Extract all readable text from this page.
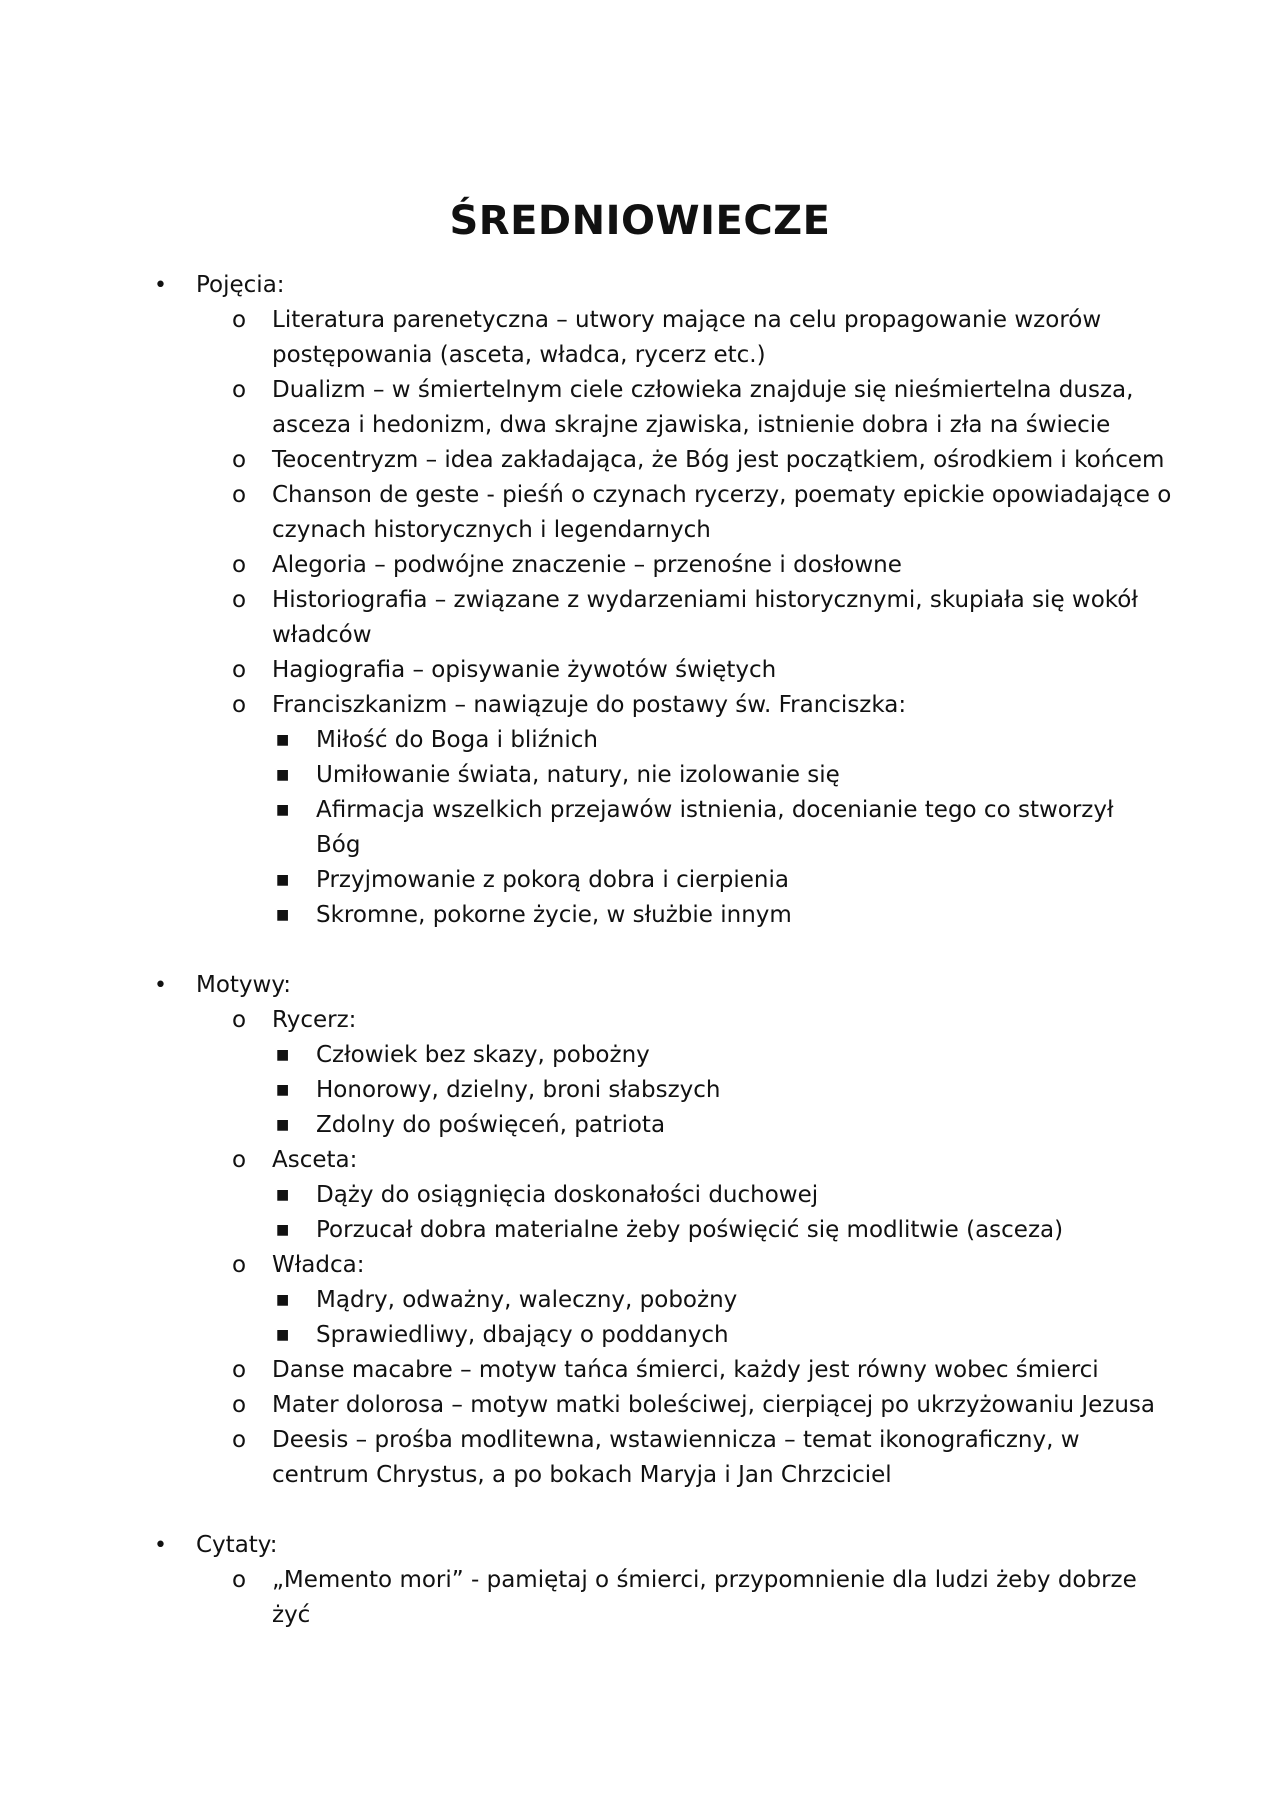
ŚREDNIOWIECZE
• Pojęcia:
o Literatura parenetyczna – utwory mające na celu propagowanie wzorów
postępowania (asceta, władca, rycerz etc.)
o Dualizm – w śmiertelnym ciele człowieka znajduje się nieśmiertelna dusza,
asceza i hedonizm, dwa skrajne zjawiska, istnienie dobra i zła na świecie
o Teocentryzm – idea zakładająca, że Bóg jest początkiem, ośrodkiem i końcem
o Chanson de geste - pieśń o czynach rycerzy, poematy epickie opowiadające o
czynach historycznych i legendarnych
o Alegoria – podwójne znaczenie – przenośne i dosłowne
o Historiografia – związane z wydarzeniami historycznymi, skupiała się wokół
władców
o Hagiografia – opisywanie żywotów świętych
o Franciszkanizm – nawiązuje do postawy św. Franciszka:
■ Miłość do Boga i bliźnich
■ Umiłowanie świata, natury, nie izolowanie się
■ Afirmacja wszelkich przejawów istnienia, docenianie tego co stworzył
Bóg
■ Przyjmowanie z pokorą dobra i cierpienia
■ Skromne, pokorne życie, w służbie innym
• Motywy:
o Rycerz:
■ Człowiek bez skazy, pobożny
■ Honorowy, dzielny, broni słabszych
■ Zdolny do poświęceń, patriota
o Asceta:
■ Dąży do osiągnięcia doskonałości duchowej
■ Porzucał dobra materialne żeby poświęcić się modlitwie (asceza)
o Władca:
■ Mądry, odważny, waleczny, pobożny
■ Sprawiedliwy, dbający o poddanych
o Danse macabre – motyw tańca śmierci, każdy jest równy wobec śmierci
o Mater dolorosa – motyw matki boleściwej, cierpiącej po ukrzyżowaniu Jezusa
o Deesis – prośba modlitewna, wstawiennicza – temat ikonograficzny, w
centrum Chrystus, a po bokach Maryja i Jan Chrzciciel
• Cytaty:
o „Memento mori” - pamiętaj o śmierci, przypomnienie dla ludzi żeby dobrze
żyć
